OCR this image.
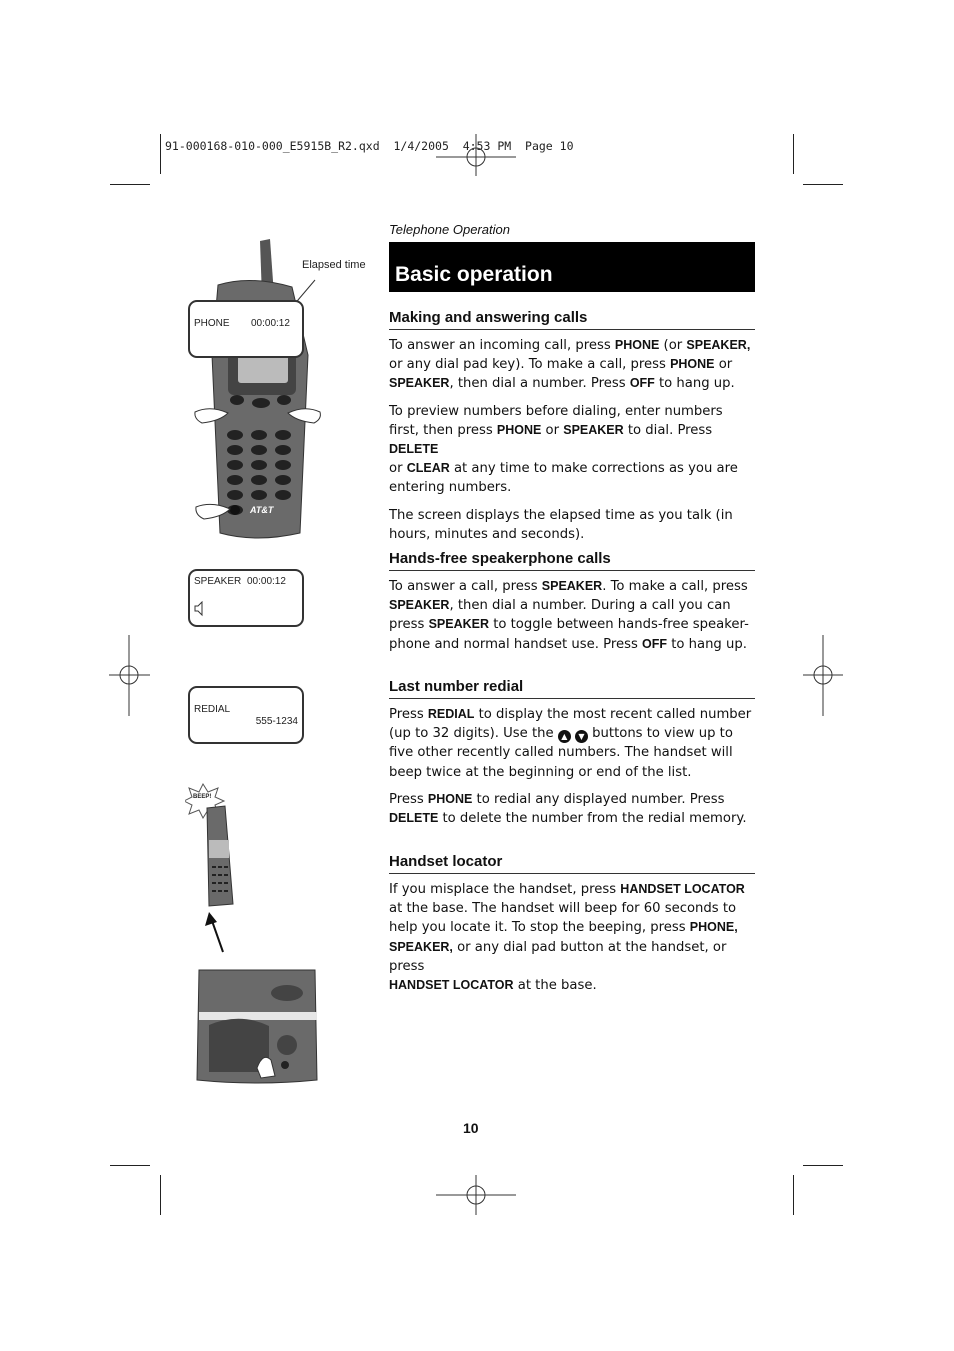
91-000168-010-000_E5915B_R2.qxd  1/4/2005  4:53 PM  Page 10
Elapsed time
AT&T
PHONE 00:00:12
SPEAKER 00:00:12
REDIAL
555-1234
BEEP!
Telephone Operation
Basic operation
Making and answering calls

To answer an incoming call, press PHONE (or SPEAKER,
or any dial pad key). To make a call, press PHONE or
SPEAKER, then dial a number. Press OFF to hang up.

To preview numbers before dialing, enter numbers first, then press PHONE or SPEAKER to dial. Press DELETE
or CLEAR at any time to make corrections as you are entering numbers.

The screen displays the elapsed time as you talk (in hours, minutes and seconds).

Hands-free speakerphone calls

To answer a call, press SPEAKER. To make a call, press SPEAKER, then dial a number. During a call you can press SPEAKER to toggle between hands-free speaker-phone and normal handset use. Press OFF to hang up.

Last number redial

Press REDIAL to display the most recent called number (up to 32 digits). Use the ▲ ▼ buttons to view up to five other recently called numbers. The handset will beep twice at the beginning or end of the list.

Press PHONE to redial any displayed number. Press
DELETE to delete the number from the redial memory.

Handset locator

If you misplace the handset, press HANDSET LOCATOR
at the base. The handset will beep for 60 seconds to help you locate it. To stop the beeping, press PHONE,
SPEAKER, or any dial pad button at the handset, or press
HANDSET LOCATOR at the base.

10
